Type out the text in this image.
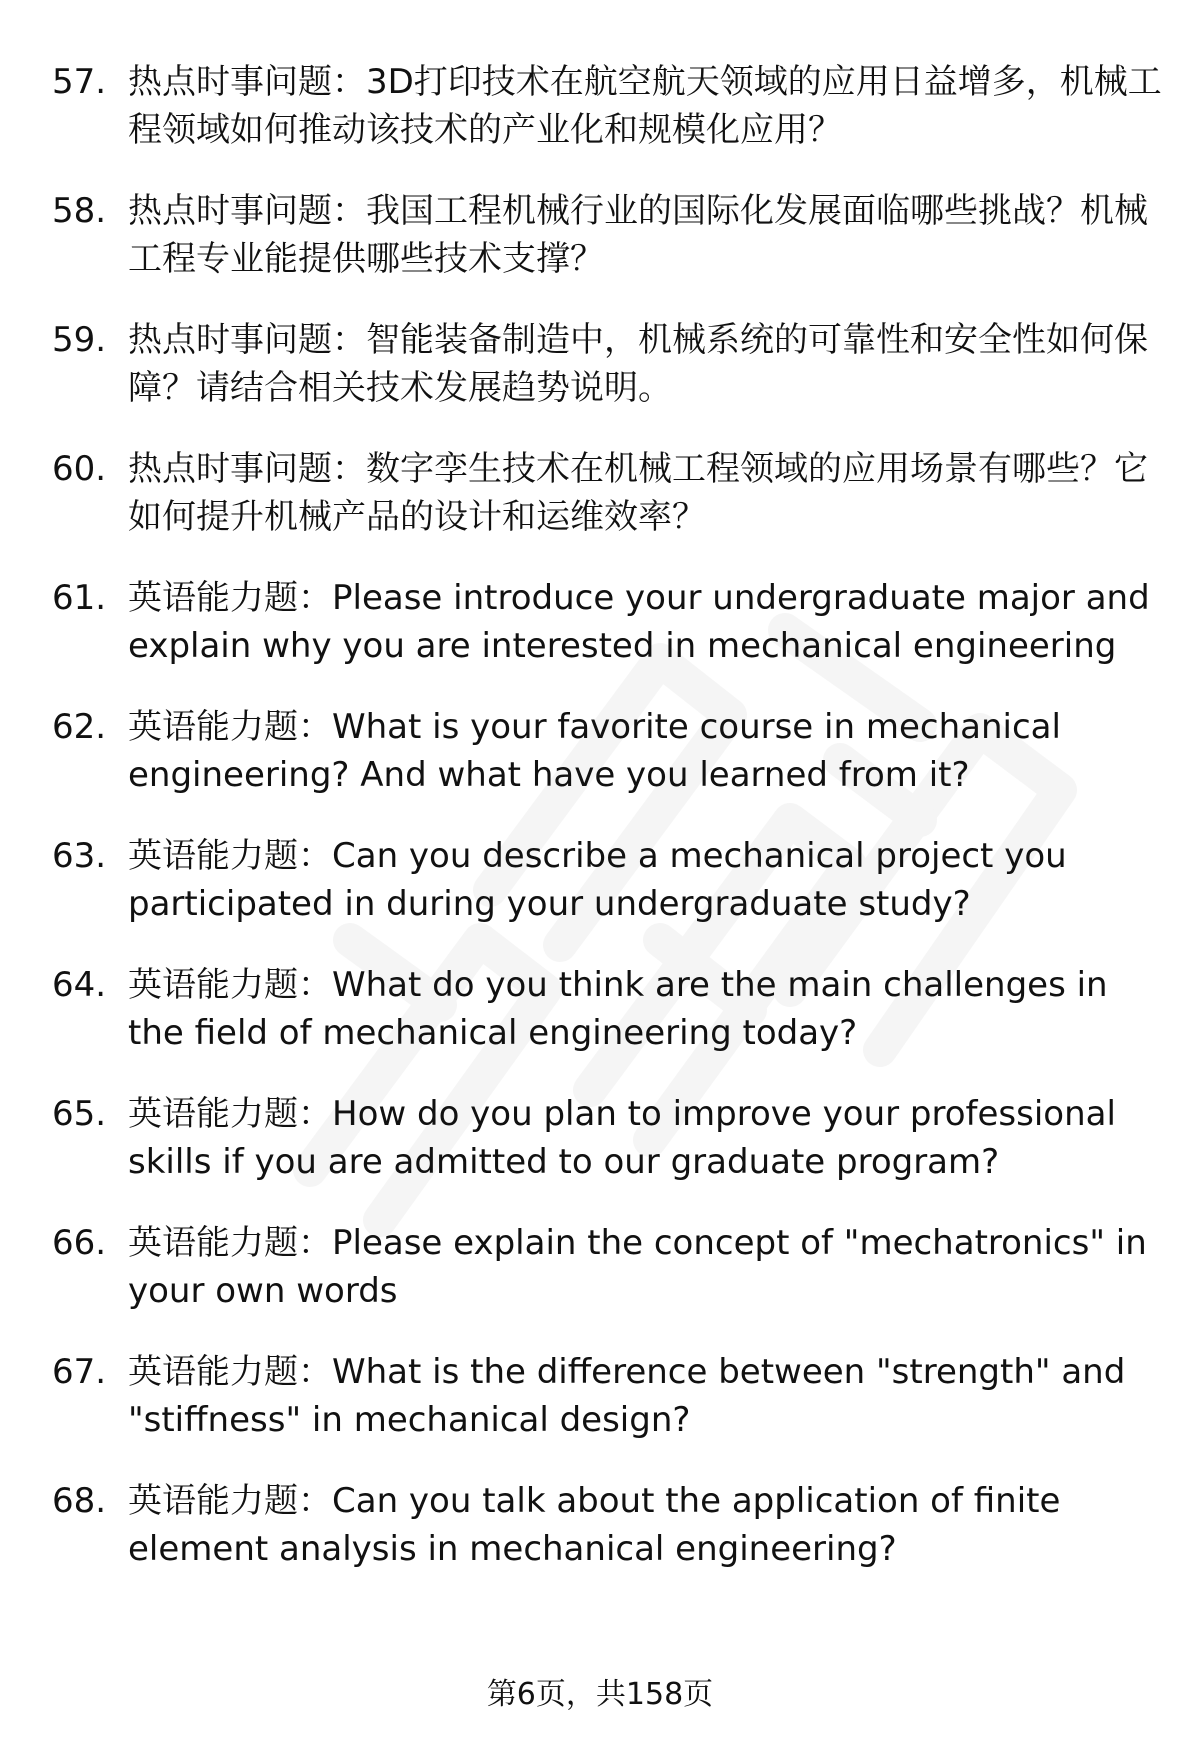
57. 热点时事问题：3D打印技术在航空航天领域的应用日益增多，机械工程领域如何推动该技术的产业化和规模化应用？
58. 热点时事问题：我国工程机械行业的国际化发展面临哪些挑战？机械工程专业能提供哪些技术支撑？
59. 热点时事问题：智能装备制造中，机械系统的可靠性和安全性如何保障？请结合相关技术发展趋势说明。
60. 热点时事问题：数字孪生技术在机械工程领域的应用场景有哪些？它如何提升机械产品的设计和运维效率？
61. 英语能力题：Please introduce your undergraduate major and explain why you are interested in mechanical engineering
62. 英语能力题：What is your favorite course in mechanical engineering? And what have you learned from it?
63. 英语能力题：Can you describe a mechanical project you participated in during your undergraduate study?
64. 英语能力题：What do you think are the main challenges in the field of mechanical engineering today?
65. 英语能力题：How do you plan to improve your professional skills if you are admitted to our graduate program?
66. 英语能力题：Please explain the concept of "mechatronics" in your own words
67. 英语能力题：What is the difference between "strength" and "stiffness" in mechanical design?
68. 英语能力题：Can you talk about the application of finite element analysis in mechanical engineering?
第6页，共158页
